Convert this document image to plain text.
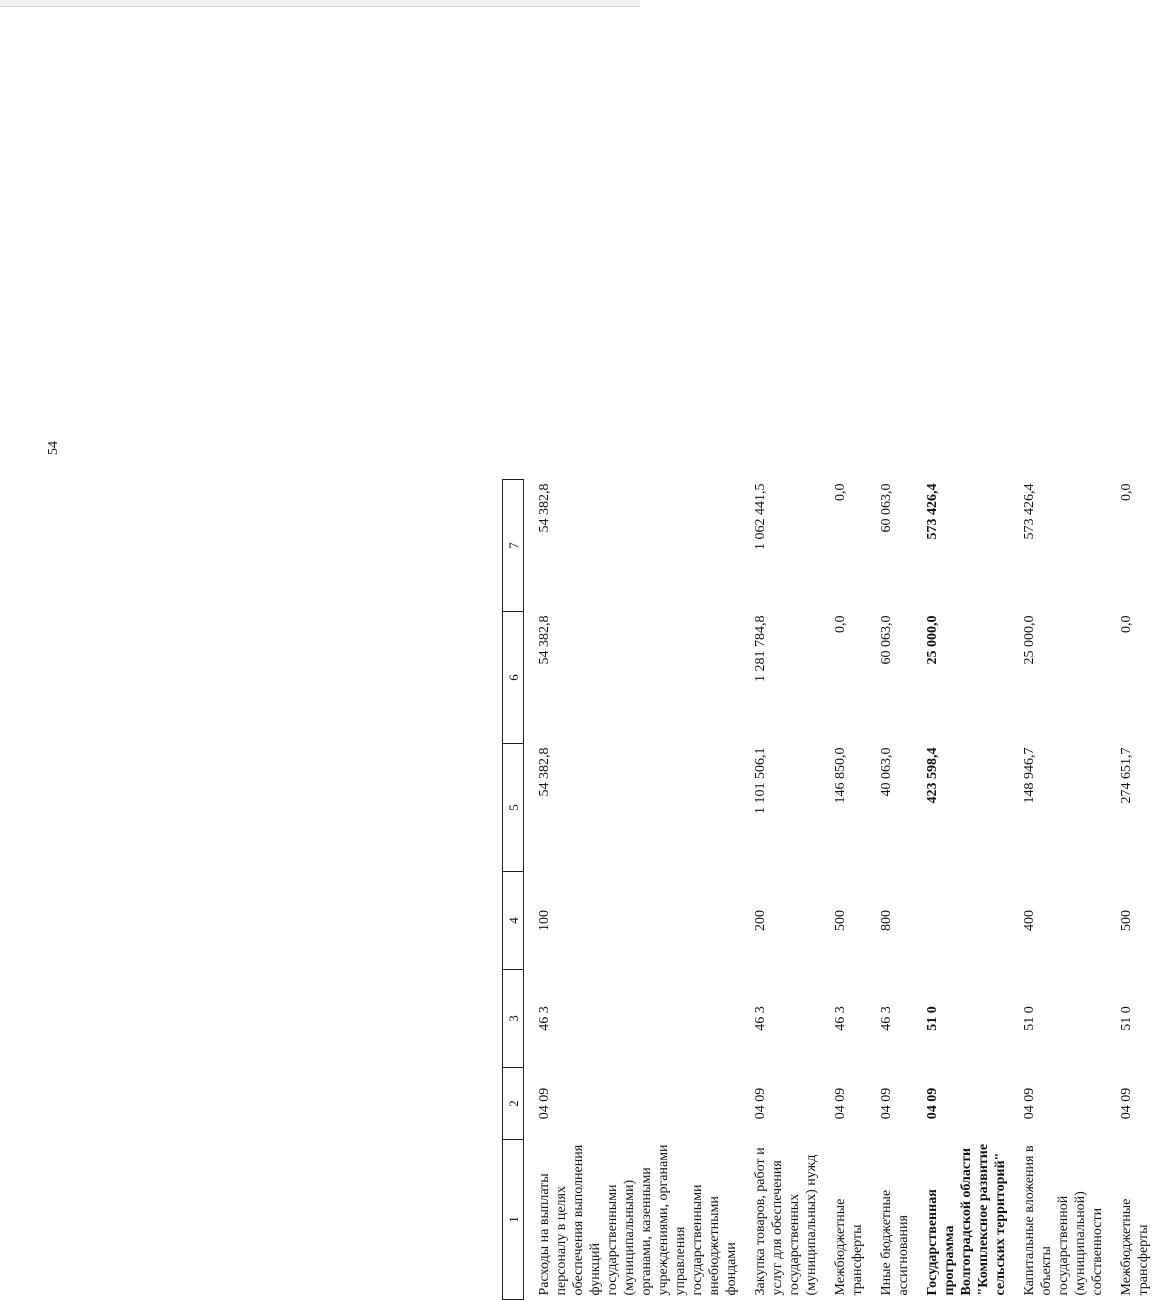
54
1	2	3	4	5	6	7
Расходы на выплаты персоналу в целях обеспечения выполнения функций государственными (муниципальными) органами, казенными учреждениями, органами управления государственными внебюджетными фондами	04 09	46 3	100	54 382,8	54 382,8	54 382,8
Закупка товаров, работ и услуг для обеспечения государственных (муниципальных) нужд	04 09	46 3	200	1 101 506,1	1 281 784,8	1 062 441,5
Межбюджетные трансферты	04 09	46 3	500	146 850,0	0,0	0,0
Иные бюджетные ассигнования	04 09	46 3	800	40 063,0	60 063,0	60 063,0
Государственная программа Волгоградской области "Комплексное развитие сельских территорий"	04 09	51 0		423 598,4	25 000,0	573 426,4
Капитальные вложения в объекты государственной (муниципальной) собственности	04 09	51 0	400	148 946,7	25 000,0	573 426,4
Межбюджетные трансферты	04 09	51 0	500	274 651,7	0,0	0,0
